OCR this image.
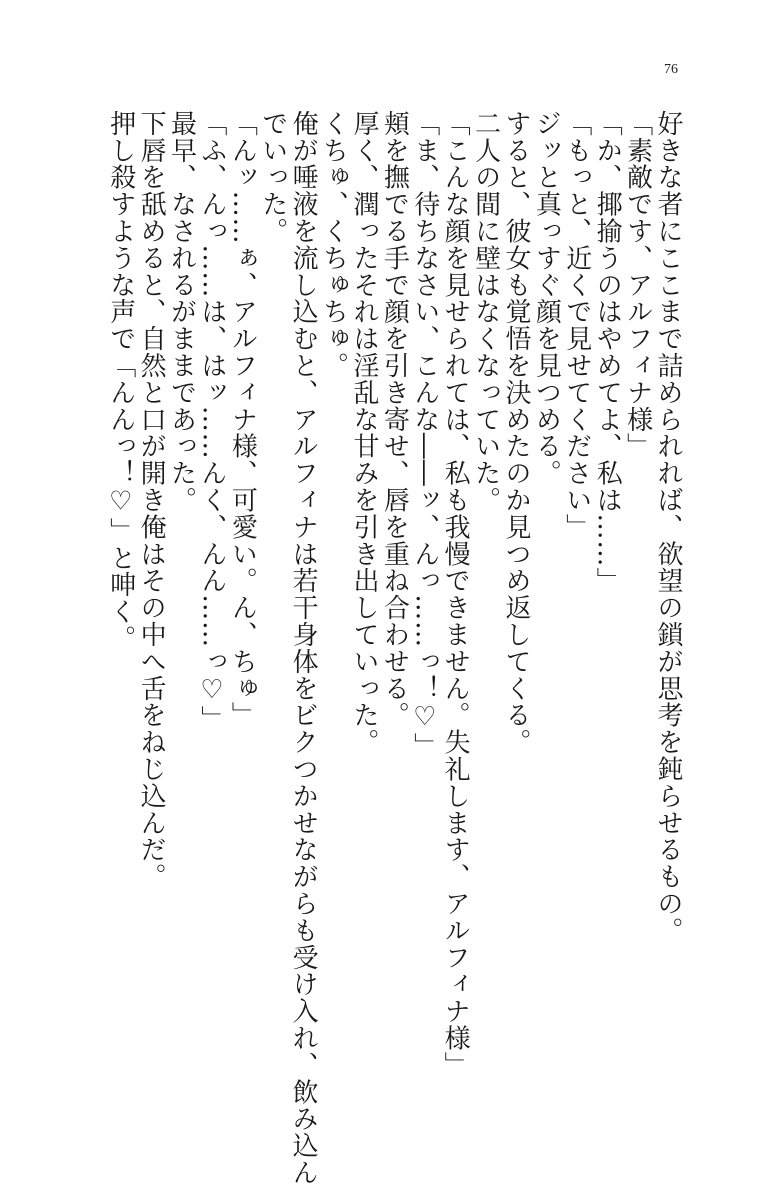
76
好きな者にここまで詰められれば、欲望の鎖が思考を鈍らせるもの。
「素敵です、アルフィナ様」
「か、揶揄うのはやめてよ、私は……」
「もっと、近くで見せてください」
ジッと真っすぐ顔を見つめる。
すると、彼女も覚悟を決めたのか見つめ返してくる。
二人の間に壁はなくなっていた。
「こんな顔を見せられては、私も我慢できません。失礼します、アルフィナ様」
「ま、待ちなさい、こんな――ッ、んっ……っ！♡」
頬を撫でる手で顔を引き寄せ、唇を重ね合わせる。
厚く、潤ったそれは淫乱な甘みを引き出していった。
くちゅ、くちゅちゅ。
俺が唾液を流し込むと、アルフィナは若干身体をビクつかせながらも受け入れ、飲み込ん
でいった。
「んッ……ぁ、アルフィナ様、可愛い。ん、ちゅ」
「ふ、んっ……は、はッ……んく、んん……っ♡」
最早、なされるがままであった。
下唇を舐めると、自然と口が開き俺はその中へ舌をねじ込んだ。
押し殺すような声で「んんっ！♡」と呻く。
